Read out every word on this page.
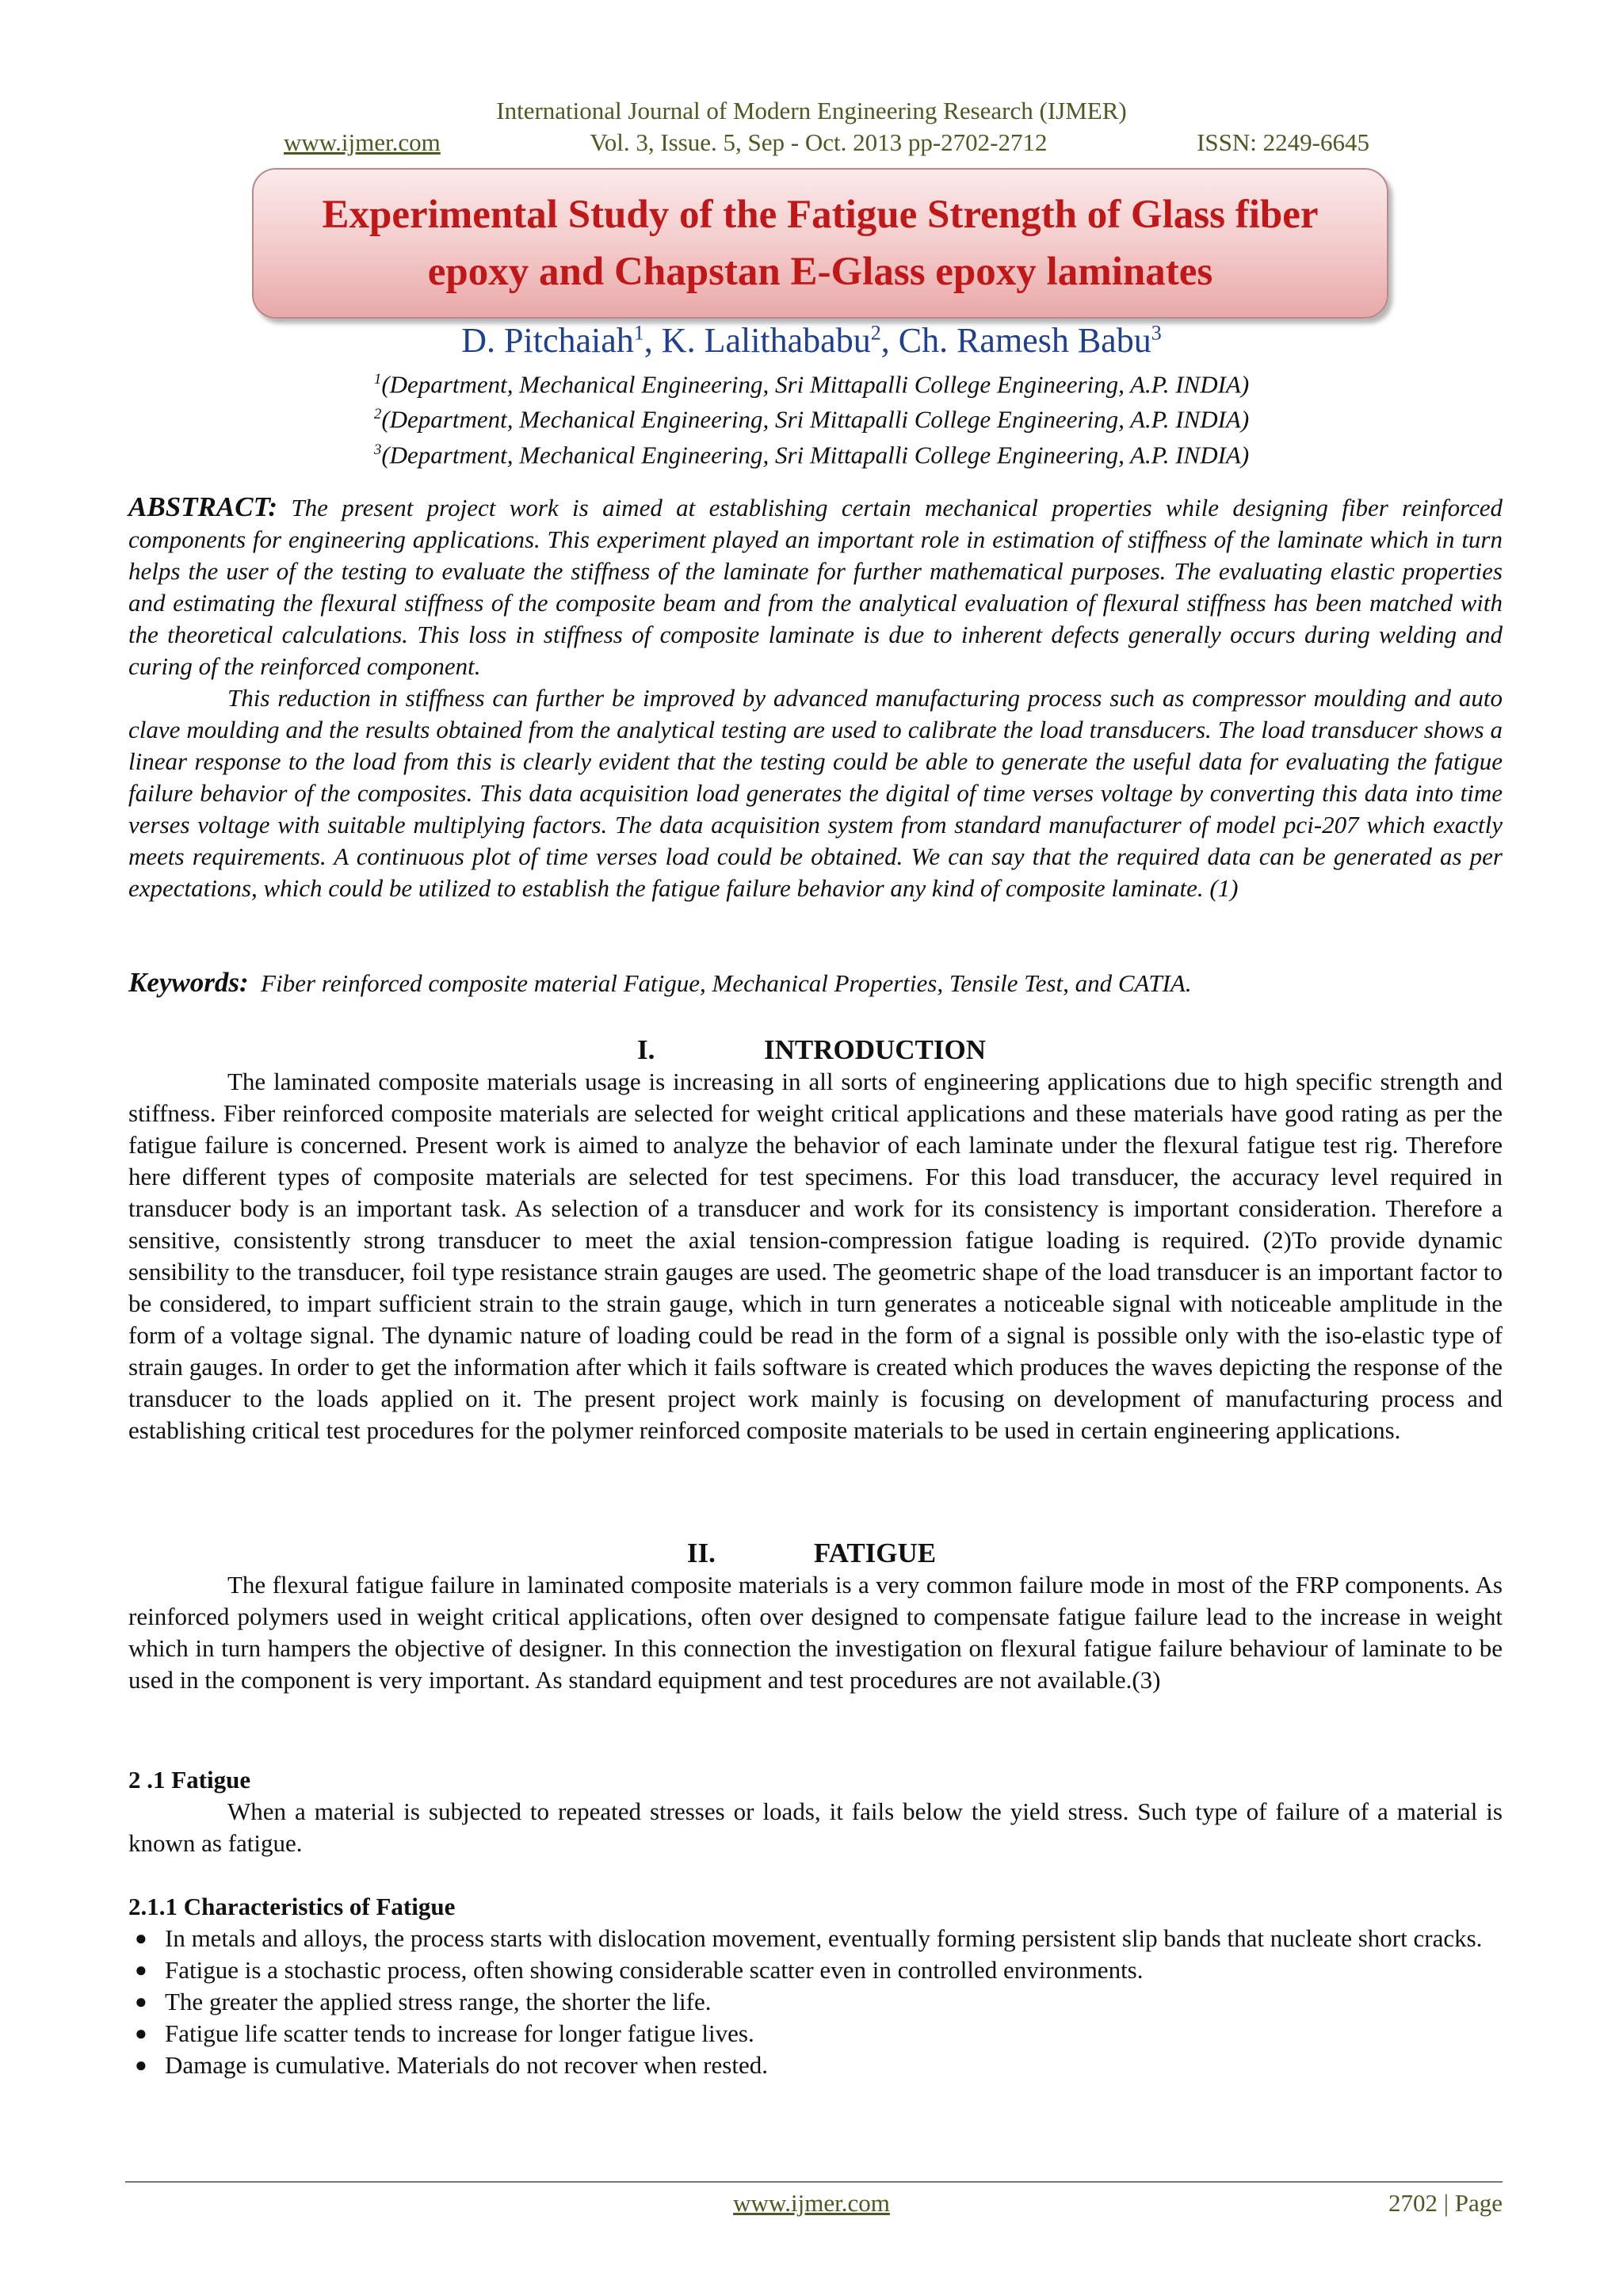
International Journal of Modern Engineering Research (IJMER)
www.ijmer.com	Vol. 3, Issue. 5, Sep - Oct. 2013 pp-2702-2712	ISSN: 2249-6645
Experimental Study of the Fatigue Strength of Glass fiber epoxy and Chapstan E-Glass epoxy laminates
D. Pitchaiah$^1$, K. Lalithababu$^2$, Ch. Ramesh Babu$^3$
$^1$(Department, Mechanical Engineering, Sri Mittapalli College Engineering, A.P. INDIA)
$^2$(Department, Mechanical Engineering, Sri Mittapalli College Engineering, A.P. INDIA)
$^3$(Department, Mechanical Engineering, Sri Mittapalli College Engineering, A.P. INDIA)

ABSTRACT: The present project work is aimed at establishing certain mechanical properties while designing fiber reinforced components for engineering applications. This experiment played an important role in estimation of stiffness of the laminate which in turn helps the user of the testing to evaluate the stiffness of the laminate for further mathematical purposes. The evaluating elastic properties and estimating the flexural stiffness of the composite beam and from the analytical evaluation of flexural stiffness has been matched with the theoretical calculations. This loss in stiffness of composite laminate is due to inherent defects generally occurs during welding and curing of the reinforced component.

This reduction in stiffness can further be improved by advanced manufacturing process such as compressor moulding and auto clave moulding and the results obtained from the analytical testing are used to calibrate the load transducers. The load transducer shows a linear response to the load from this is clearly evident that the testing could be able to generate the useful data for evaluating the fatigue failure behavior of the composites. This data acquisition load generates the digital of time verses voltage by converting this data into time verses voltage with suitable multiplying factors. The data acquisition system from standard manufacturer of model pci-207 which exactly meets requirements. A continuous plot of time verses load could be obtained. We can say that the required data can be generated as per expectations, which could be utilized to establish the fatigue failure behavior any kind of composite laminate. (1)

Keywords: Fiber reinforced composite material Fatigue, Mechanical Properties, Tensile Test, and CATIA.
I.	INTRODUCTION

The laminated composite materials usage is increasing in all sorts of engineering applications due to high specific strength and stiffness. Fiber reinforced composite materials are selected for weight critical applications and these materials have good rating as per the fatigue failure is concerned. Present work is aimed to analyze the behavior of each laminate under the flexural fatigue test rig. Therefore here different types of composite materials are selected for test specimens. For this load transducer, the accuracy level required in transducer body is an important task. As selection of a transducer and work for its consistency is important consideration. Therefore a sensitive, consistently strong transducer to meet the axial tension-compression fatigue loading is required. (2)To provide dynamic sensibility to the transducer, foil type resistance strain gauges are used. The geometric shape of the load transducer is an important factor to be considered, to impart sufficient strain to the strain gauge, which in turn generates a noticeable signal with noticeable amplitude in the form of a voltage signal. The dynamic nature of loading could be read in the form of a signal is possible only with the iso-elastic type of strain gauges. In order to get the information after which it fails software is created which produces the waves depicting the response of the transducer to the loads applied on it. The present project work mainly is focusing on development of manufacturing process and establishing critical test procedures for the polymer reinforced composite materials to be used in certain engineering applications.

II.	FATIGUE

The flexural fatigue failure in laminated composite materials is a very common failure mode in most of the FRP components. As reinforced polymers used in weight critical applications, often over designed to compensate fatigue failure lead to the increase in weight which in turn hampers the objective of designer. In this connection the investigation on flexural fatigue failure behaviour of laminate to be used in the component is very important. As standard equipment and test procedures are not available.(3)

2 .1 Fatigue

When a material is subjected to repeated stresses or loads, it fails below the yield stress. Such type of failure of a material is known as fatigue.

2.1.1 Characteristics of Fatigue
● In metals and alloys, the process starts with dislocation movement, eventually forming persistent slip bands that nucleate short cracks.
● Fatigue is a stochastic process, often showing considerable scatter even in controlled environments.
● The greater the applied stress range, the shorter the life.
● Fatigue life scatter tends to increase for longer fatigue lives.
● Damage is cumulative. Materials do not recover when rested.
www.ijmer.com	2702 | Page
